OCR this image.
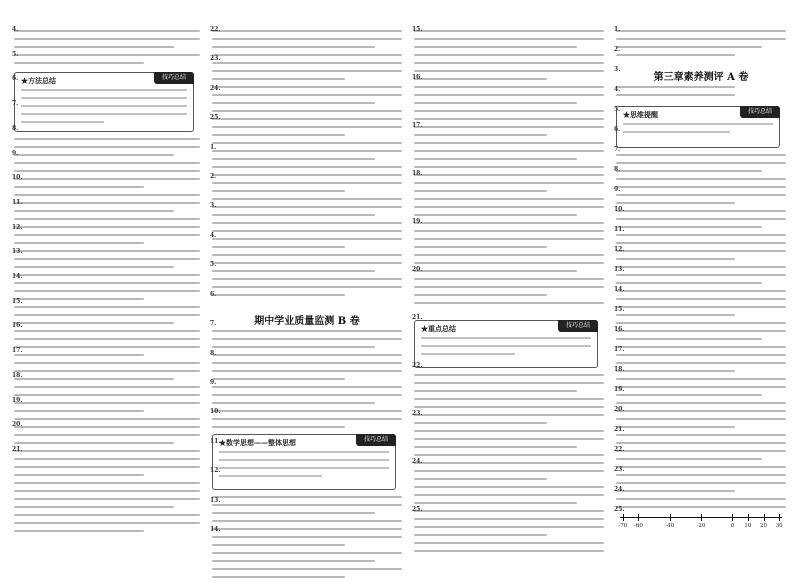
★方法总结	技巧总结
4.
5.
6.
7.
8.
9.
10.
11.
12.
13.
14.
15.
16.
17.
18.
19.
20.
21.
期中学业质量监测 B 卷
★数学思想——整体思想	技巧总结
22.
23.
24.
25.
1.
2.
3.
4.
5.
6.
7.
8.
9.
10.
11.
12.
13.
14.
★重点总结	技巧总结
15.
16.
17.
18.
19.
20.
21.
22.
23.
24.
25.
第三章素养测评 A 卷
★思维提醒	技巧总结
-70 -60	-40	-20	0 10 20 30
1.
2.
3.
4.
5.
6.
7.
8.
9.
10.
11.
12.
13.
14.
15.
16.
17.
18.
19.
20.
21.
22.
23.
24.
25.
